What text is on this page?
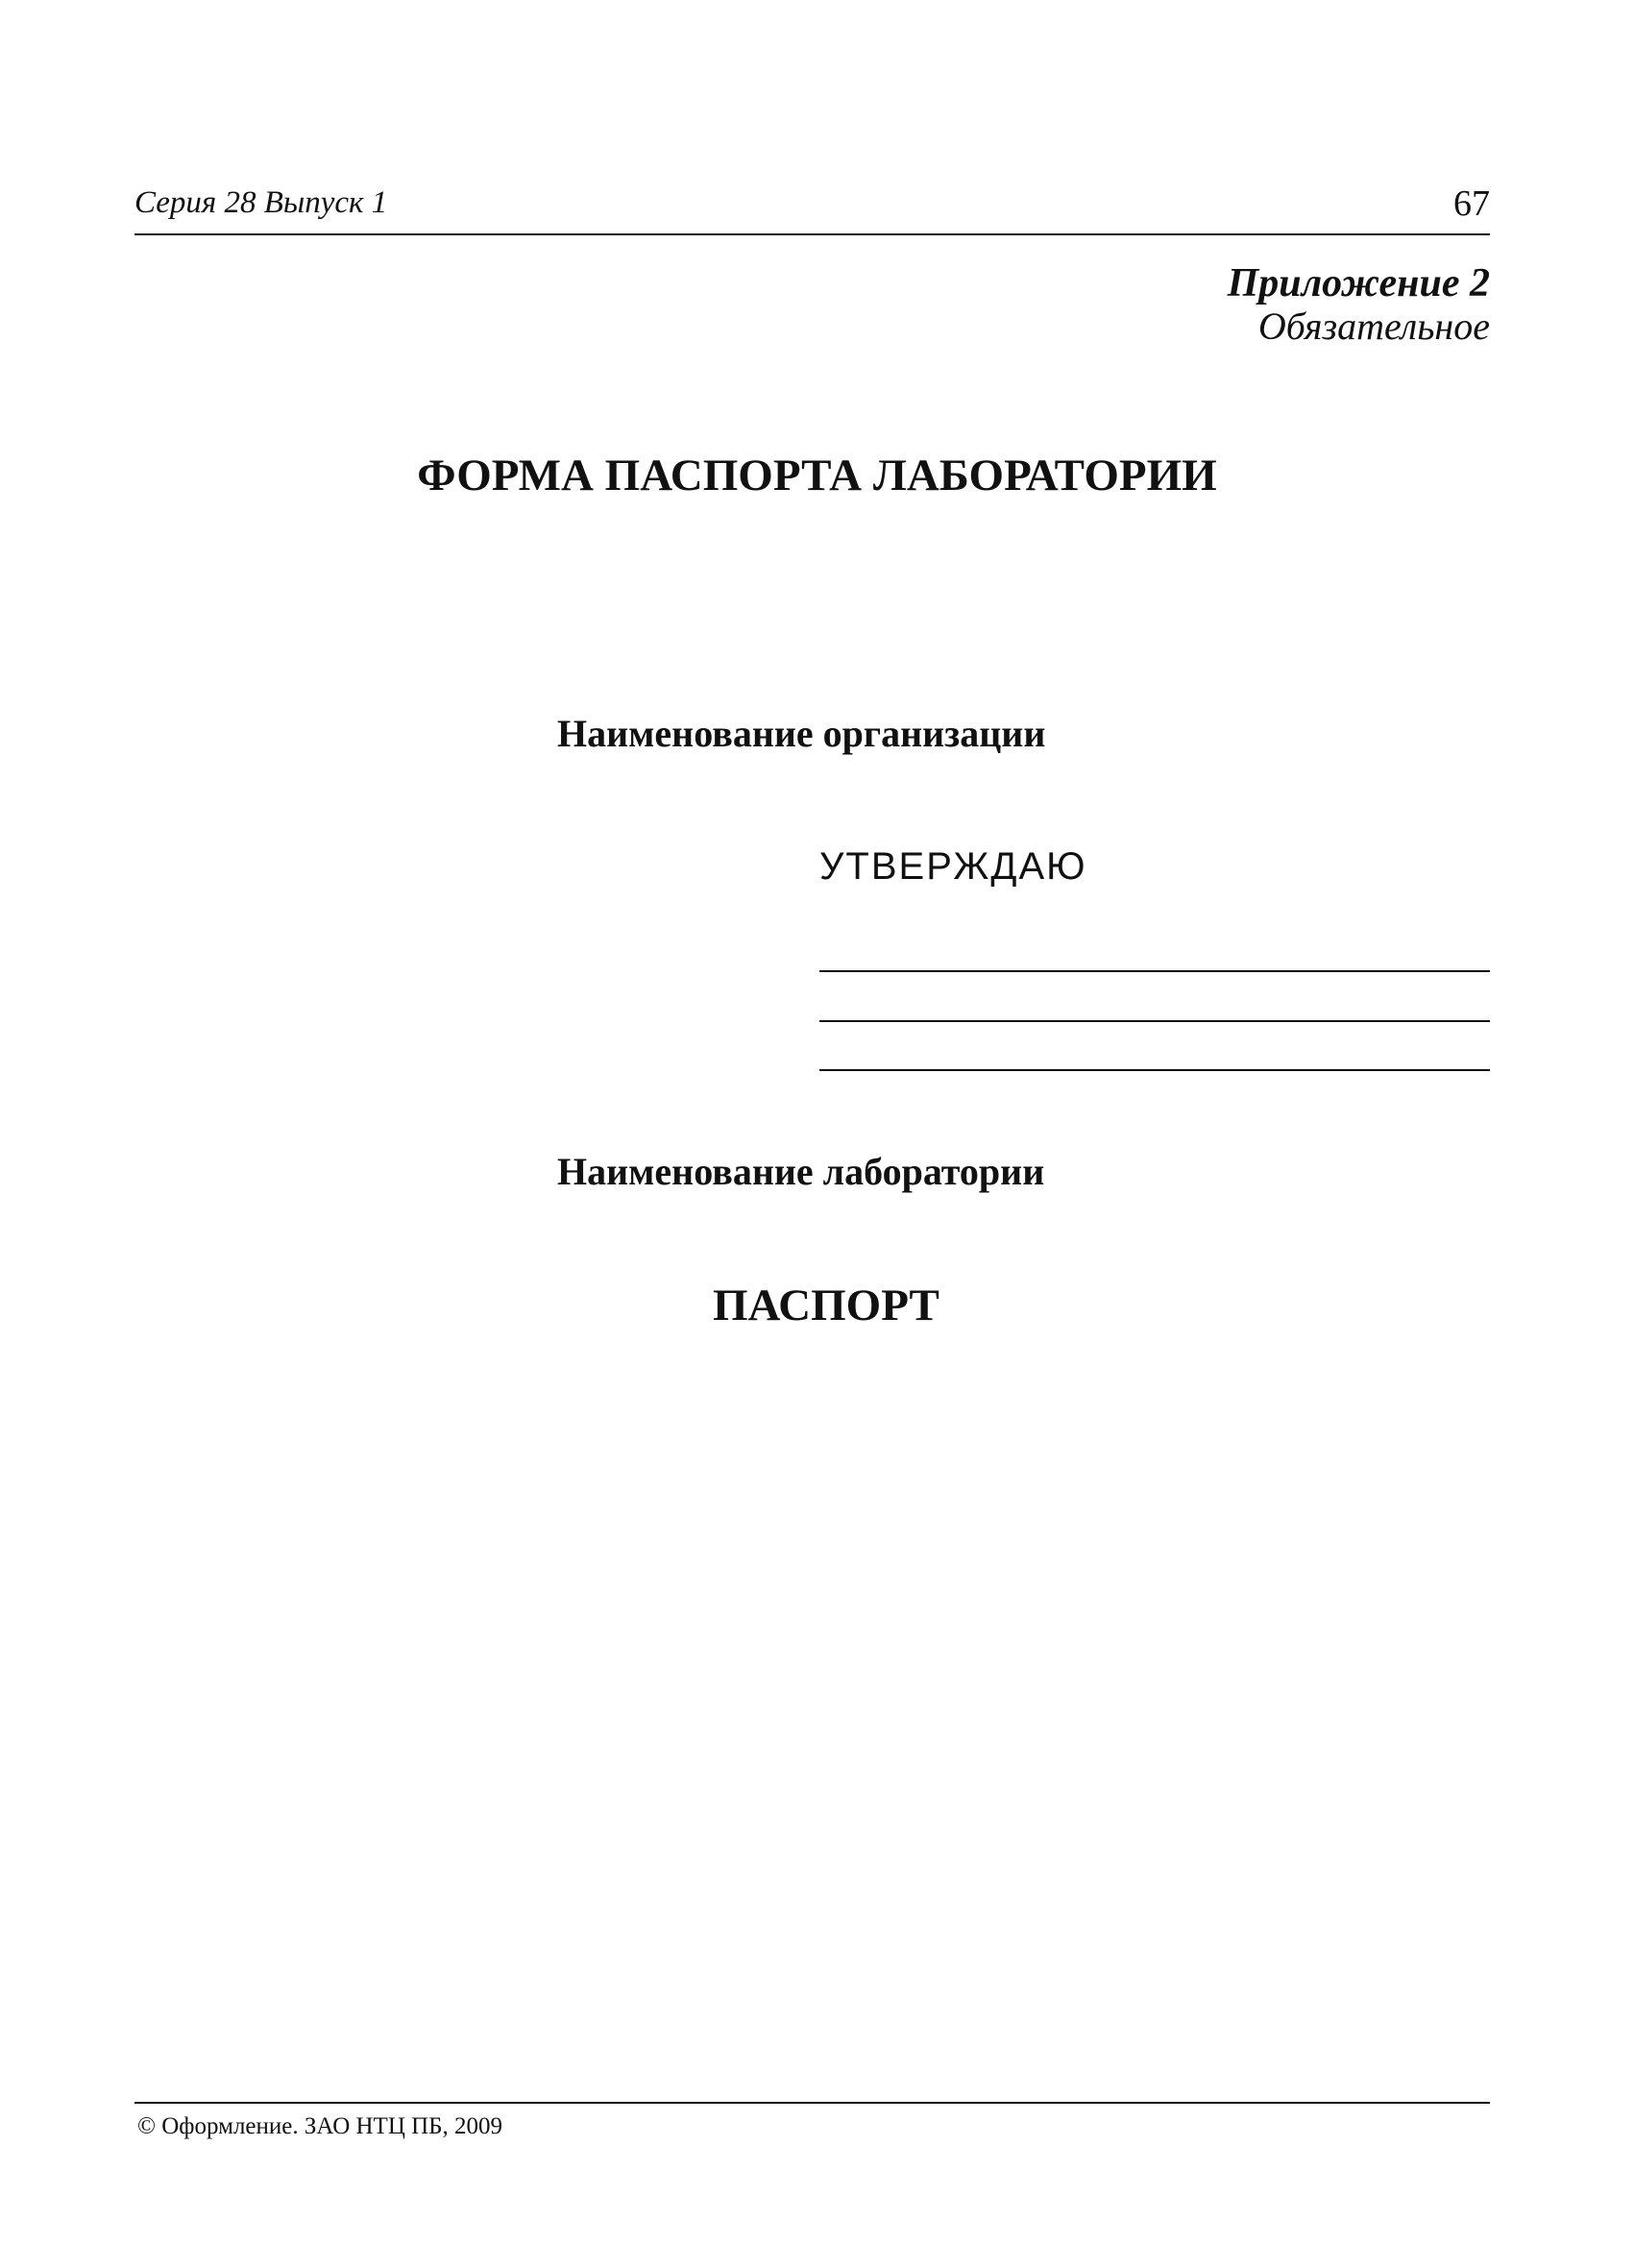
Серия 28 Выпуск 1	67
Приложение 2
Обязательное
ФОРМА ПАСПОРТА ЛАБОРАТОРИИ
Наименование организации
УТВЕРЖДАЮ
Наименование лаборатории
ПАСПОРТ
© Оформление. ЗАО НТЦ ПБ, 2009
